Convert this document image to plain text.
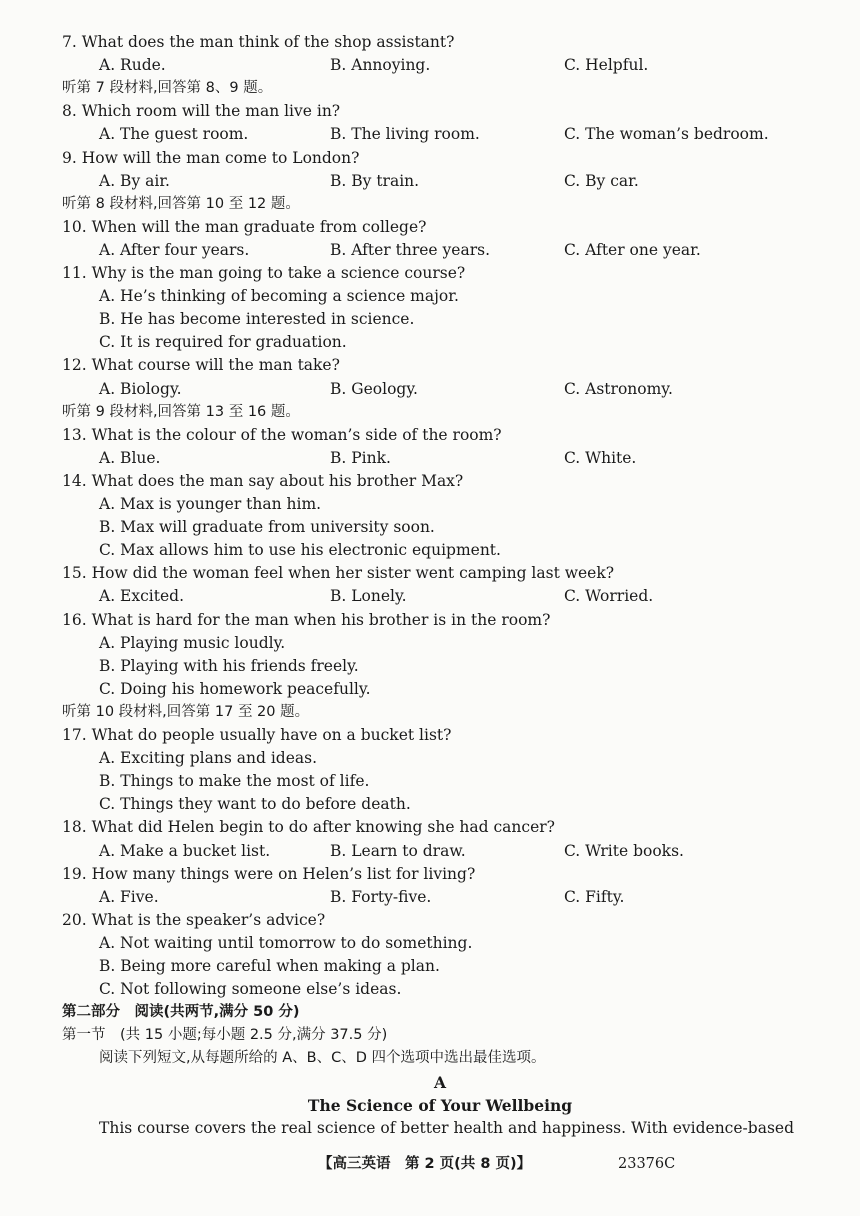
7. What does the man think of the shop assistant?
A. Rude.	B. Annoying.	C. Helpful.
听第 7 段材料,回答第 8、9 题。
8. Which room will the man live in?
A. The guest room.	B. The living room.	C. The woman’s bedroom.
9. How will the man come to London?
A. By air.	B. By train.	C. By car.
听第 8 段材料,回答第 10 至 12 题。
10. When will the man graduate from college?
A. After four years.	B. After three years.	C. After one year.
11. Why is the man going to take a science course?
A. He’s thinking of becoming a science major.
B. He has become interested in science.
C. It is required for graduation.
12. What course will the man take?
A. Biology.	B. Geology.	C. Astronomy.
听第 9 段材料,回答第 13 至 16 题。
13. What is the colour of the woman’s side of the room?
A. Blue.	B. Pink.	C. White.
14. What does the man say about his brother Max?
A. Max is younger than him.
B. Max will graduate from university soon.
C. Max allows him to use his electronic equipment.
15. How did the woman feel when her sister went camping last week?
A. Excited.	B. Lonely.	C. Worried.
16. What is hard for the man when his brother is in the room?
A. Playing music loudly.
B. Playing with his friends freely.
C. Doing his homework peacefully.
听第 10 段材料,回答第 17 至 20 题。
17. What do people usually have on a bucket list?
A. Exciting plans and ideas.
B. Things to make the most of life.
C. Things they want to do before death.
18. What did Helen begin to do after knowing she had cancer?
A. Make a bucket list.	B. Learn to draw.	C. Write books.
19. How many things were on Helen’s list for living?
A. Five.	B. Forty-five.	C. Fifty.
20. What is the speaker’s advice?
A. Not waiting until tomorrow to do something.
B. Being more careful when making a plan.
C. Not following someone else’s ideas.
第二部分　阅读(共两节,满分 50 分)
第一节　(共 15 小题;每小题 2.5 分,满分 37.5 分)
阅读下列短文,从每题所给的 A、B、C、D 四个选项中选出最佳选项。
A
The Science of Your Wellbeing
This course covers the real science of better health and happiness. With evidence-based
【高三英语　第 2 页(共 8 页)】	23376C
